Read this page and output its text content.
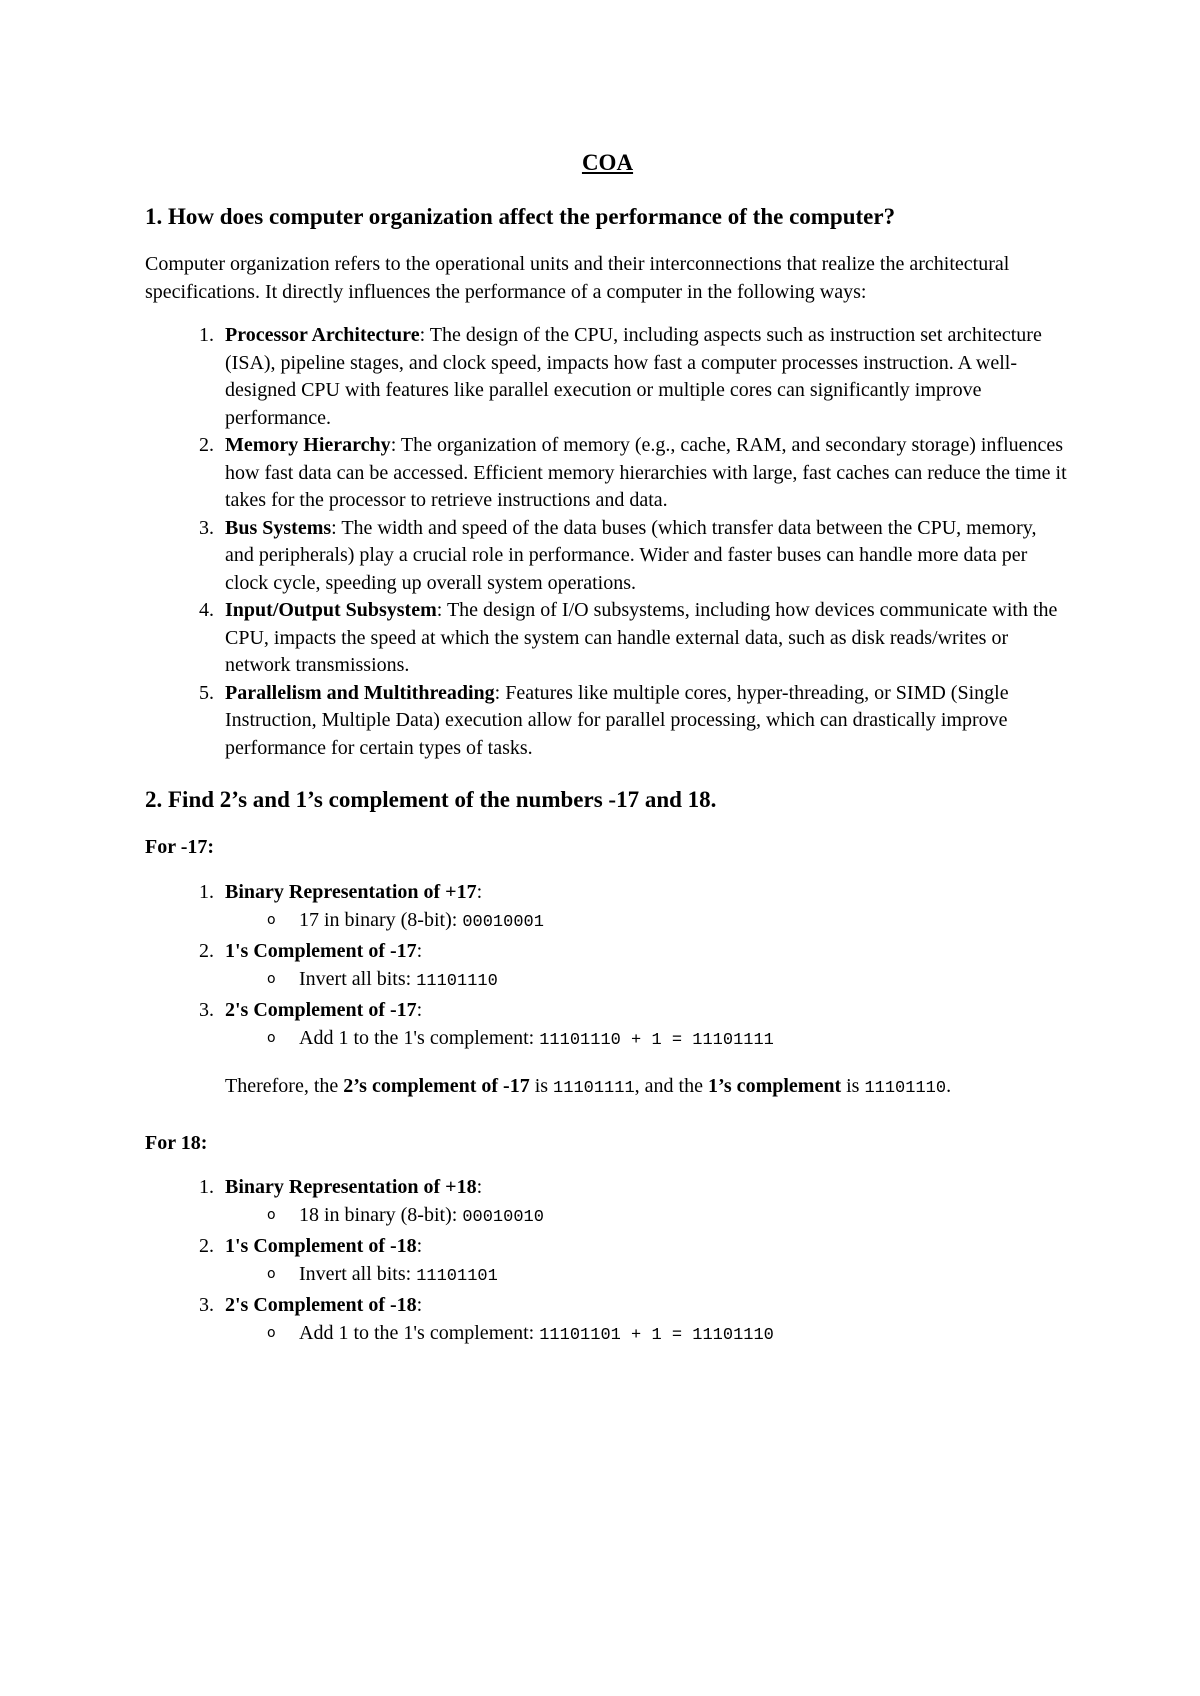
COA
1. How does computer organization affect the performance of the computer?

Computer organization refers to the operational units and their interconnections that realize the architectural specifications. It directly influences the performance of a computer in the following ways:

1. Processor Architecture: The design of the CPU, including aspects such as instruction set architecture (ISA), pipeline stages, and clock speed, impacts how fast a computer processes instruction. A well-designed CPU with features like parallel execution or multiple cores can significantly improve performance.
2. Memory Hierarchy: The organization of memory (e.g., cache, RAM, and secondary storage) influences how fast data can be accessed. Efficient memory hierarchies with large, fast caches can reduce the time it takes for the processor to retrieve instructions and data.
3. Bus Systems: The width and speed of the data buses (which transfer data between the CPU, memory, and peripherals) play a crucial role in performance. Wider and faster buses can handle more data per clock cycle, speeding up overall system operations.
4. Input/Output Subsystem: The design of I/O subsystems, including how devices communicate with the CPU, impacts the speed at which the system can handle external data, such as disk reads/writes or network transmissions.
5. Parallelism and Multithreading: Features like multiple cores, hyper-threading, or SIMD (Single Instruction, Multiple Data) execution allow for parallel processing, which can drastically improve performance for certain types of tasks.
2. Find 2’s and 1’s complement of the numbers -17 and 18.
For -17:
1. Binary Representation of +17:
o 17 in binary (8-bit): 00010001
2. 1's Complement of -17:
o Invert all bits: 11101110
3. 2's Complement of -17:
o Add 1 to the 1's complement: 11101110 + 1 = 11101111

Therefore, the 2’s complement of -17 is 11101111, and the 1’s complement is 11101110.

For 18:
1. Binary Representation of +18:
o 18 in binary (8-bit): 00010010
2. 1's Complement of -18:
o Invert all bits: 11101101
3. 2's Complement of -18:
o Add 1 to the 1's complement: 11101101 + 1 = 11101110
